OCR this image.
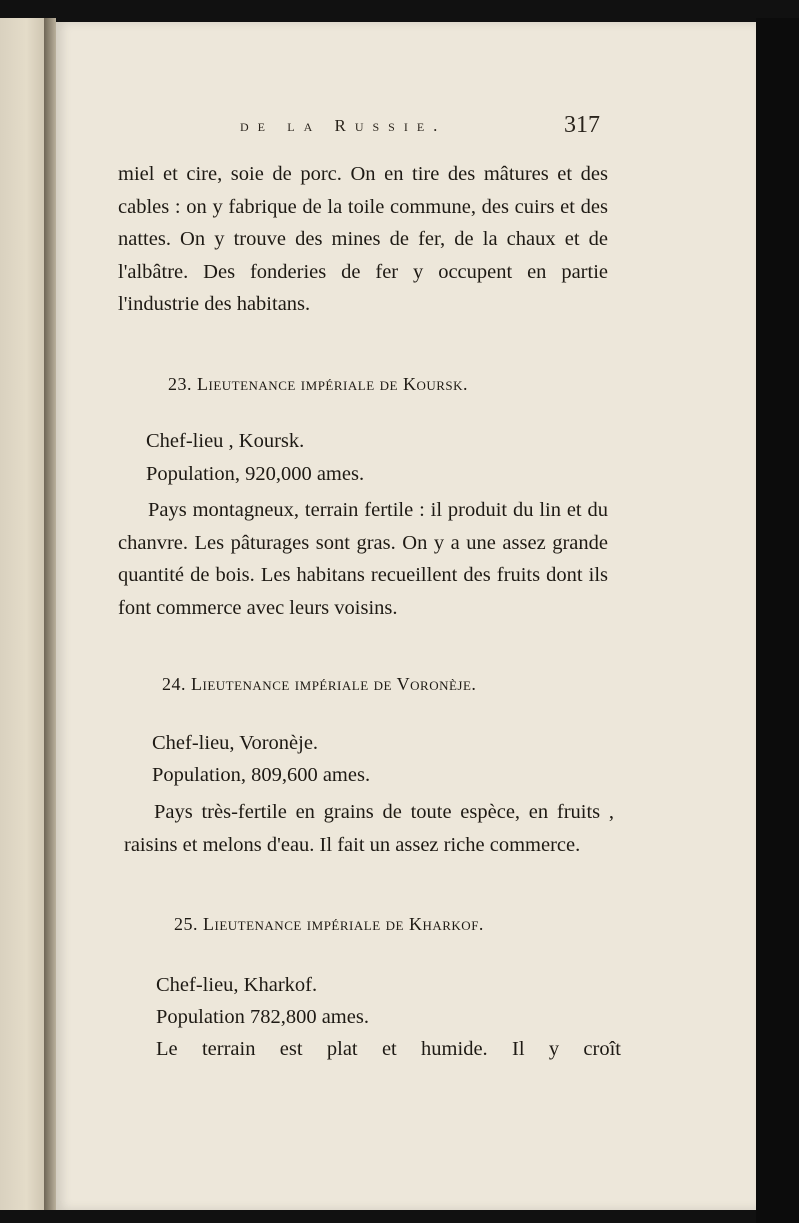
de la Russie.	317
miel et cire, soie de porc. On en tire des mâtures et des cables : on y fabrique de la toile commune, des cuirs et des nattes. On y trouve des mines de fer, de la chaux et de l'albâtre. Des fonderies de fer y occupent en partie l'industrie des habitans.
23. Lieutenance impériale de Koursk.
Chef-lieu , Koursk.
Population, 920,000 ames.
Pays montagneux, terrain fertile : il produit du lin et du chanvre. Les pâturages sont gras. On y a une assez grande quantité de bois. Les habitans recueillent des fruits dont ils font commerce avec leurs voisins.
24. Lieutenance impériale de Voronèje.
Chef-lieu, Voronèje.
Population, 809,600 ames.
Pays très-fertile en grains de toute espèce, en fruits , raisins et melons d'eau. Il fait un assez riche commerce.
25. Lieutenance impériale de Kharkof.
Chef-lieu, Kharkof.
Population 782,800 ames.
Le terrain est plat et humide. Il y croît
